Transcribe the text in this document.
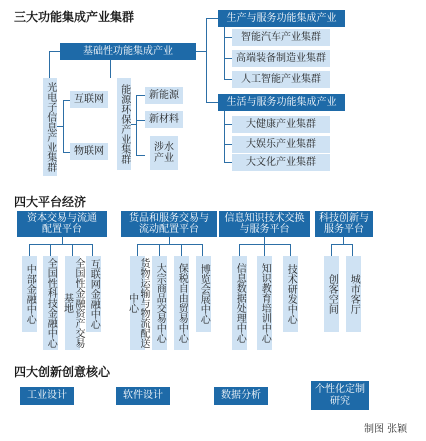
三大功能集成产业集群
基础性功能集成产业
光电子信息产业集群	互联网
物联网	能源环保产业集群	新能源
新材料
涉水产业
生产与服务功能集成产业
智能汽车产业集群
高端装备制造业集群
人工智能产业集群
生活与服务功能集成产业
大健康产业集群
大娱乐产业集群
大文化产业集群
四大平台经济
资本交易与流通配置平台
中部金融中心 全国性科技金融中心	全国性金融资产交易基地	互联网金融中心
货品和服务交易与流动配置平台
货物运输与物流配送中心	大宗商品交易中心 保税自由贸易中心 博览会展中心
信息知识技术交换与服务平台
信息数据处理中心 知识教育培训中心 技术研发中心
科技创新与服务平台
创客空间 城市客厅
四大创新创意核心
工业设计	软件设计	数据分析
个性化定制研究
制图 张颖
